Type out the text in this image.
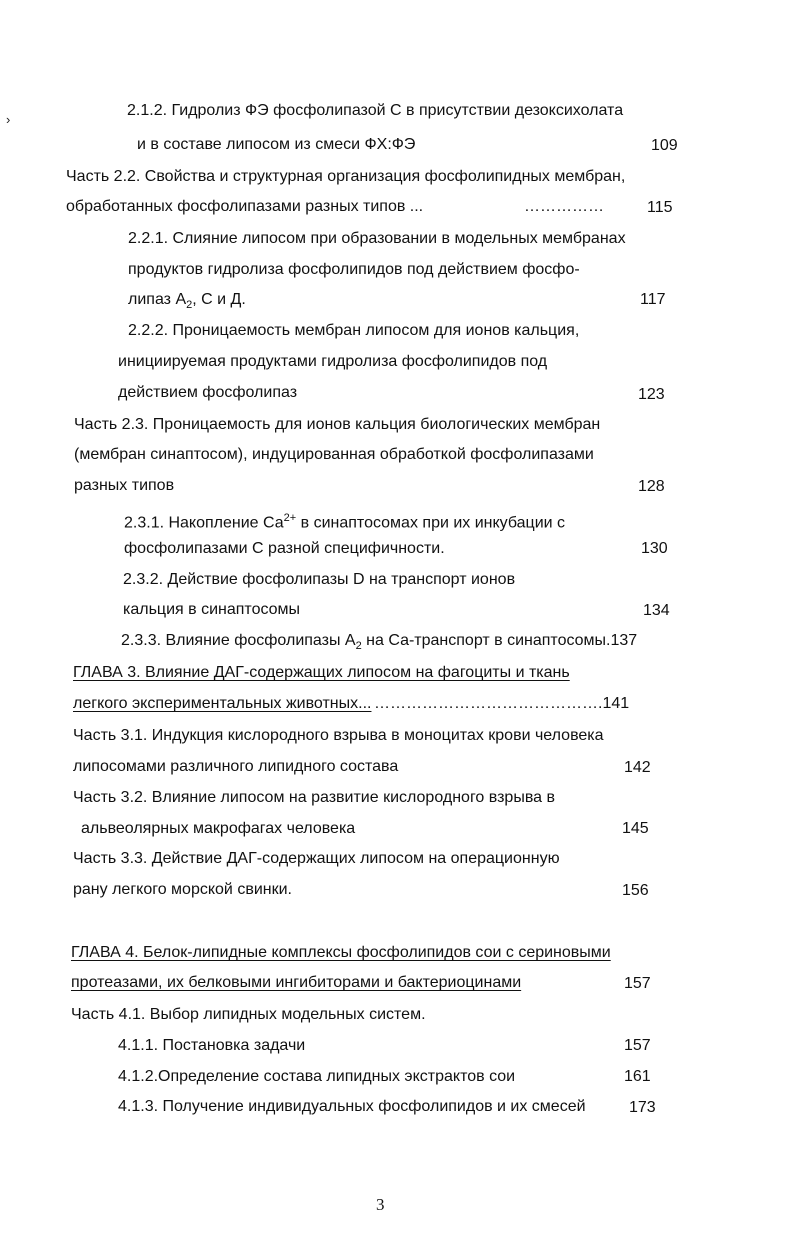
›
2.1.2. Гидролиз ФЭ фосфолипазой С в присутствии дезоксихолата
и в составе липосом из смеси ФХ:ФЭ	109
Часть 2.2. Свойства и структурная организация фосфолипидных мембран,
обработанных фосфолипазами разных типов ...	……………	115
2.2.1. Слияние липосом при образовании в модельных мембранах
продуктов гидролиза фосфолипидов под действием фосфо-
липаз $А_2$, С и Д.	117
2.2.2. Проницаемость мембран липосом для ионов кальция,
инициируемая продуктами гидролиза фосфолипидов под
действием фосфолипаз	123
Часть 2.3. Проницаемость для ионов кальция биологических мембран
(мембран синаптосом), индуцированная обработкой фосфолипазами
разных типов	128
2.3.1. Накопление $Са^{2+}$ в синаптосомах при их инкубации с
фосфолипазами С разной специфичности.	130
2.3.2. Действие фосфолипазы D на транспорт ионов
кальция в синаптосомы	134
2.3.3. Влияние фосфолипазы $А_2$ на Са-транспорт в синаптосомы.137
ГЛАВА 3. Влияние ДАГ-содержащих липосом на фагоциты и ткань
легкого экспериментальных животных... …………………………………….141
Часть 3.1. Индукция кислородного взрыва в моноцитах крови человека
липосомами различного липидного состава	142
Часть 3.2. Влияние липосом на развитие кислородного взрыва в
альвеолярных макрофагах человека	145
Часть 3.3. Действие ДАГ-содержащих липосом на операционную
рану легкого морской свинки.	156
ГЛАВА 4. Белок-липидные комплексы фосфолипидов сои с сериновыми
протеазами, их белковыми ингибиторами и бактериоцинами	157
Часть 4.1. Выбор липидных модельных систем.
4.1.1. Постановка задачи	157
4.1.2.Определение состава липидных экстрактов сои	161
4.1.3. Получение индивидуальных фосфолипидов и их смесей	173
3
